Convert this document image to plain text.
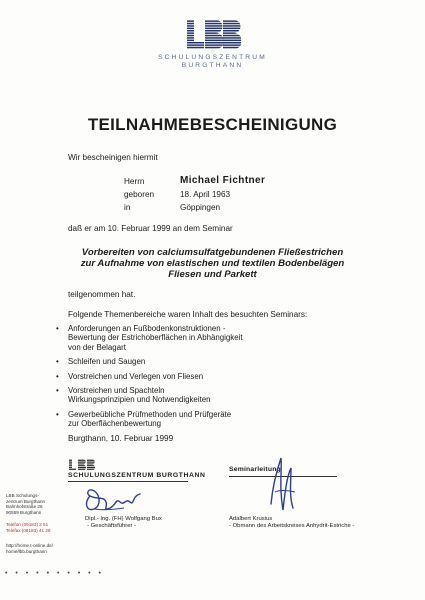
SCHULUNGSZENTRUM
BURGTHANN
TEILNAHMEBESCHEINIGUNG
Wir bescheinigen hiermit
Herrn	Michael Fichtner
geboren	18. April 1963
in	Göppingen
daß er am 10. Februar 1999 an dem Seminar
Vorbereiten von calciumsulfatgebundenen Fließestrichen
zur Aufnahme von elastischen und textilen Bodenbelägen
Fliesen und Parkett
teilgenommen hat.
Folgende Themenbereiche waren Inhalt des besuchten Seminars:
• Anforderungen an Fußbodenkonstruktionen -
Bewertung der Estrichoberflächen in Abhängigkeit
von der Belagart
• Schleifen und Saugen
• Vorstreichen und Verlegen von Fliesen
• Vorstreichen und Spachteln
Wirkungsprinzipien und Notwendigkeiten
• Gewerbeübliche Prüfmethoden und Prüfgeräte
zur Oberflächenbewertung
Burgthann, 10. Februar 1999
SCHULUNGSZENTRUM BURGTHANN
Seminarleitung
Dipl.- Ing. (FH) Wolfgang Bux
- Geschäftsführer -
Adalbert Krusius
- Obmann des Arbeitskreises Anhydrit-Estriche -
LBB Schulungs-
zentrum Burgthann
Bahnhofstraße 26
90559 Burgthann
Telefon (09183) 2 51
Telefax (09183) 41 29
http://home.t-online.de/
home/lbb.burgthann
• • • • • • • • • •
